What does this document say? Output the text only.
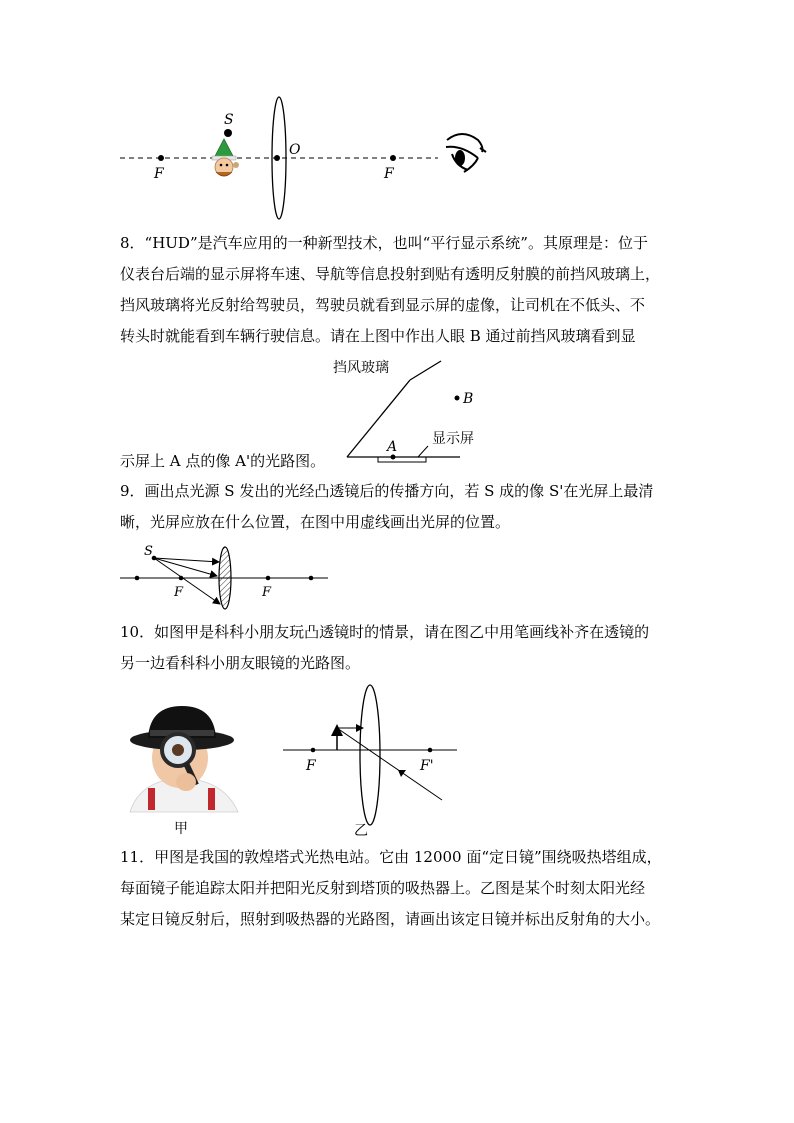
S
F
O
F
8．“HUD”是汽车应用的一种新型技术，也叫“平行显示系统”。其原理是：位于
仪表台后端的显示屏将车速、导航等信息投射到贴有透明反射膜的前挡风玻璃上，
挡风玻璃将光反射给驾驶员，驾驶员就看到显示屏的虚像，让司机在不低头、不
转头时就能看到车辆行驶信息。请在上图中作出人眼 B 通过前挡风玻璃看到显
示屏上 A 点的像 A'的光路图。
挡风玻璃
B
A 显示屏
9．画出点光源 S 发出的光经凸透镜后的传播方向，若 S 成的像 S'在光屏上最清
晰，光屏应放在什么位置，在图中用虚线画出光屏的位置。
S
F	F
10．如图甲是科科小朋友玩凸透镜时的情景，请在图乙中用笔画线补齐在透镜的
另一边看科科小朋友眼镜的光路图。
甲
F	F'
乙
11．甲图是我国的敦煌塔式光热电站。它由 12000 面“定日镜”围绕吸热塔组成，
每面镜子能追踪太阳并把阳光反射到塔顶的吸热器上。乙图是某个时刻太阳光经
某定日镜反射后，照射到吸热器的光路图，请画出该定日镜并标出反射角的大小。
